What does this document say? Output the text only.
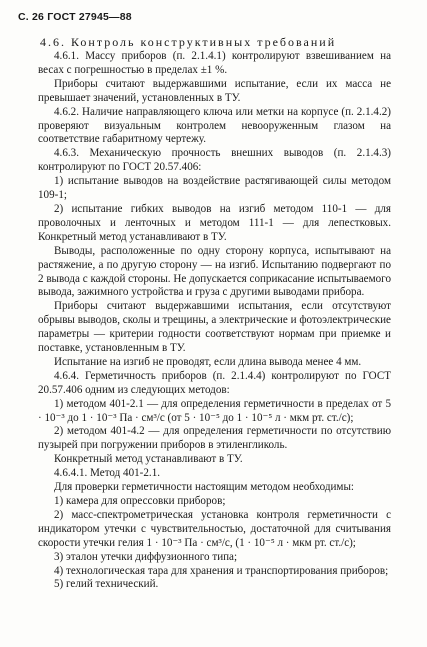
С. 26 ГОСТ 27945—88
4.6. Контроль конструктивных требований

4.6.1. Массу приборов (п. 2.1.4.1) контролируют взвешиванием на весах с погрешностью в пределах ±1 %.

Приборы считают выдержавшими испытание, если их масса не превышает значений, установленных в ТУ.

4.6.2. Наличие направляющего ключа или метки на корпусе (п. 2.1.4.2) проверяют визуальным контролем невооруженным глазом на соответствие габаритному чертежу.

4.6.3. Механическую прочность внешних выводов (п. 2.1.4.3) контролируют по ГОСТ 20.57.406:

1) испытание выводов на воздействие растягивающей силы методом 109-1;

2) испытание гибких выводов на изгиб методом 110-1 — для проволочных и ленточных и методом 111-1 — для лепестковых. Конкретный метод устанавливают в ТУ.

Выводы, расположенные по одну сторону корпуса, испытывают на растяжение, а по другую сторону — на изгиб. Испытанию подвергают по 2 вывода с каждой стороны. Не допускается соприкасание испытываемого вывода, зажимного устройства и груза с другими выводами прибора.

Приборы считают выдержавшими испытания, если отсутствуют обрывы выводов, сколы и трещины, а электрические и фотоэлектрические параметры — критерии годности соответствуют нормам при приемке и поставке, установленным в ТУ.

Испытание на изгиб не проводят, если длина вывода менее 4 мм.

4.6.4. Герметичность приборов (п. 2.1.4.4) контролируют по ГОСТ 20.57.406 одним из следующих методов:

1) методом 401-2.1 — для определения герметичности в пределах от 5 · 10⁻³ до 1 · 10⁻³ Па · см³/с (от 5 · 10⁻⁵ до 1 · 10⁻⁵ л · мкм рт. ст./с);

2) методом 401-4.2 — для определения герметичности по отсутствию пузырей при погружении приборов в этиленгликоль.

Конкретный метод устанавливают в ТУ.

4.6.4.1. Метод 401-2.1.

Для проверки герметичности настоящим методом необходимы:

1) камера для опрессовки приборов;

2) масс-спектрометрическая установка контроля герметичности с индикатором утечки с чувствительностью, достаточной для считывания скорости утечки гелия 1 · 10⁻³ Па · см³/с, (1 · 10⁻⁵ л · мкм рт. ст./с);

3) эталон утечки диффузионного типа;

4) технологическая тара для хранения и транспортирования приборов;

5) гелий технический.
